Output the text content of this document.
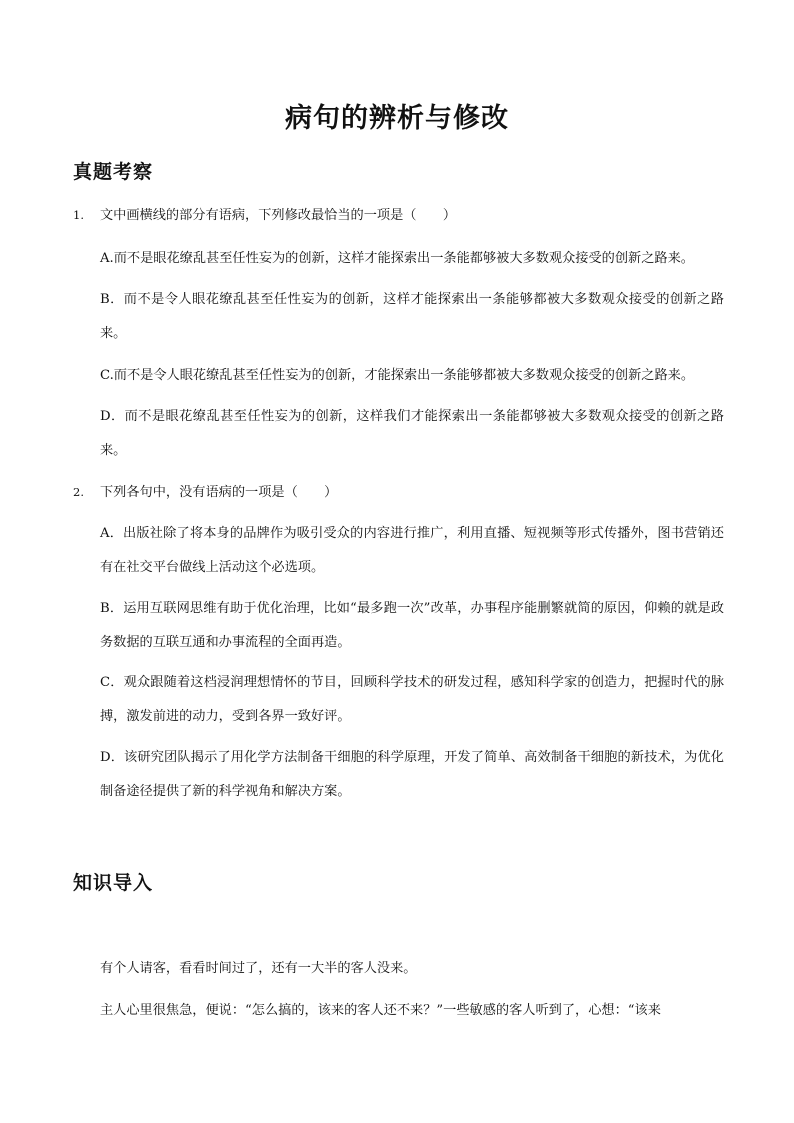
病句的辨析与修改
真题考察
1. 文中画横线的部分有语病，下列修改最恰当的一项是（　　）
A.而不是眼花缭乱甚至任性妄为的创新，这样才能探索出一条能都够被大多数观众接受的创新之路来。
B．而不是令人眼花缭乱甚至任性妄为的创新，这样才能探索出一条能够都被大多数观众接受的创新之路来。
C.而不是令人眼花缭乱甚至任性妄为的创新，才能探索出一条能够都被大多数观众接受的创新之路来。
D．而不是眼花缭乱甚至任性妄为的创新，这样我们才能探索出一条能都够被大多数观众接受的创新之路来。
2. 下列各句中，没有语病的一项是（　　）
A．出版社除了将本身的品牌作为吸引受众的内容进行推广，利用直播、短视频等形式传播外，图书营销还有在社交平台做线上活动这个必选项。
B．运用互联网思维有助于优化治理，比如“最多跑一次”改革，办事程序能删繁就简的原因，仰赖的就是政务数据的互联互通和办事流程的全面再造。
C．观众跟随着这档浸润理想情怀的节目，回顾科学技术的研发过程，感知科学家的创造力，把握时代的脉搏，激发前进的动力，受到各界一致好评。
D．该研究团队揭示了用化学方法制备干细胞的科学原理，开发了简单、高效制备干细胞的新技术，为优化制备途径提供了新的科学视角和解决方案。
知识导入
有个人请客，看看时间过了，还有一大半的客人没来。
主人心里很焦急，便说：“怎么搞的，该来的客人还不来？”一些敏感的客人听到了，心想：“该来
